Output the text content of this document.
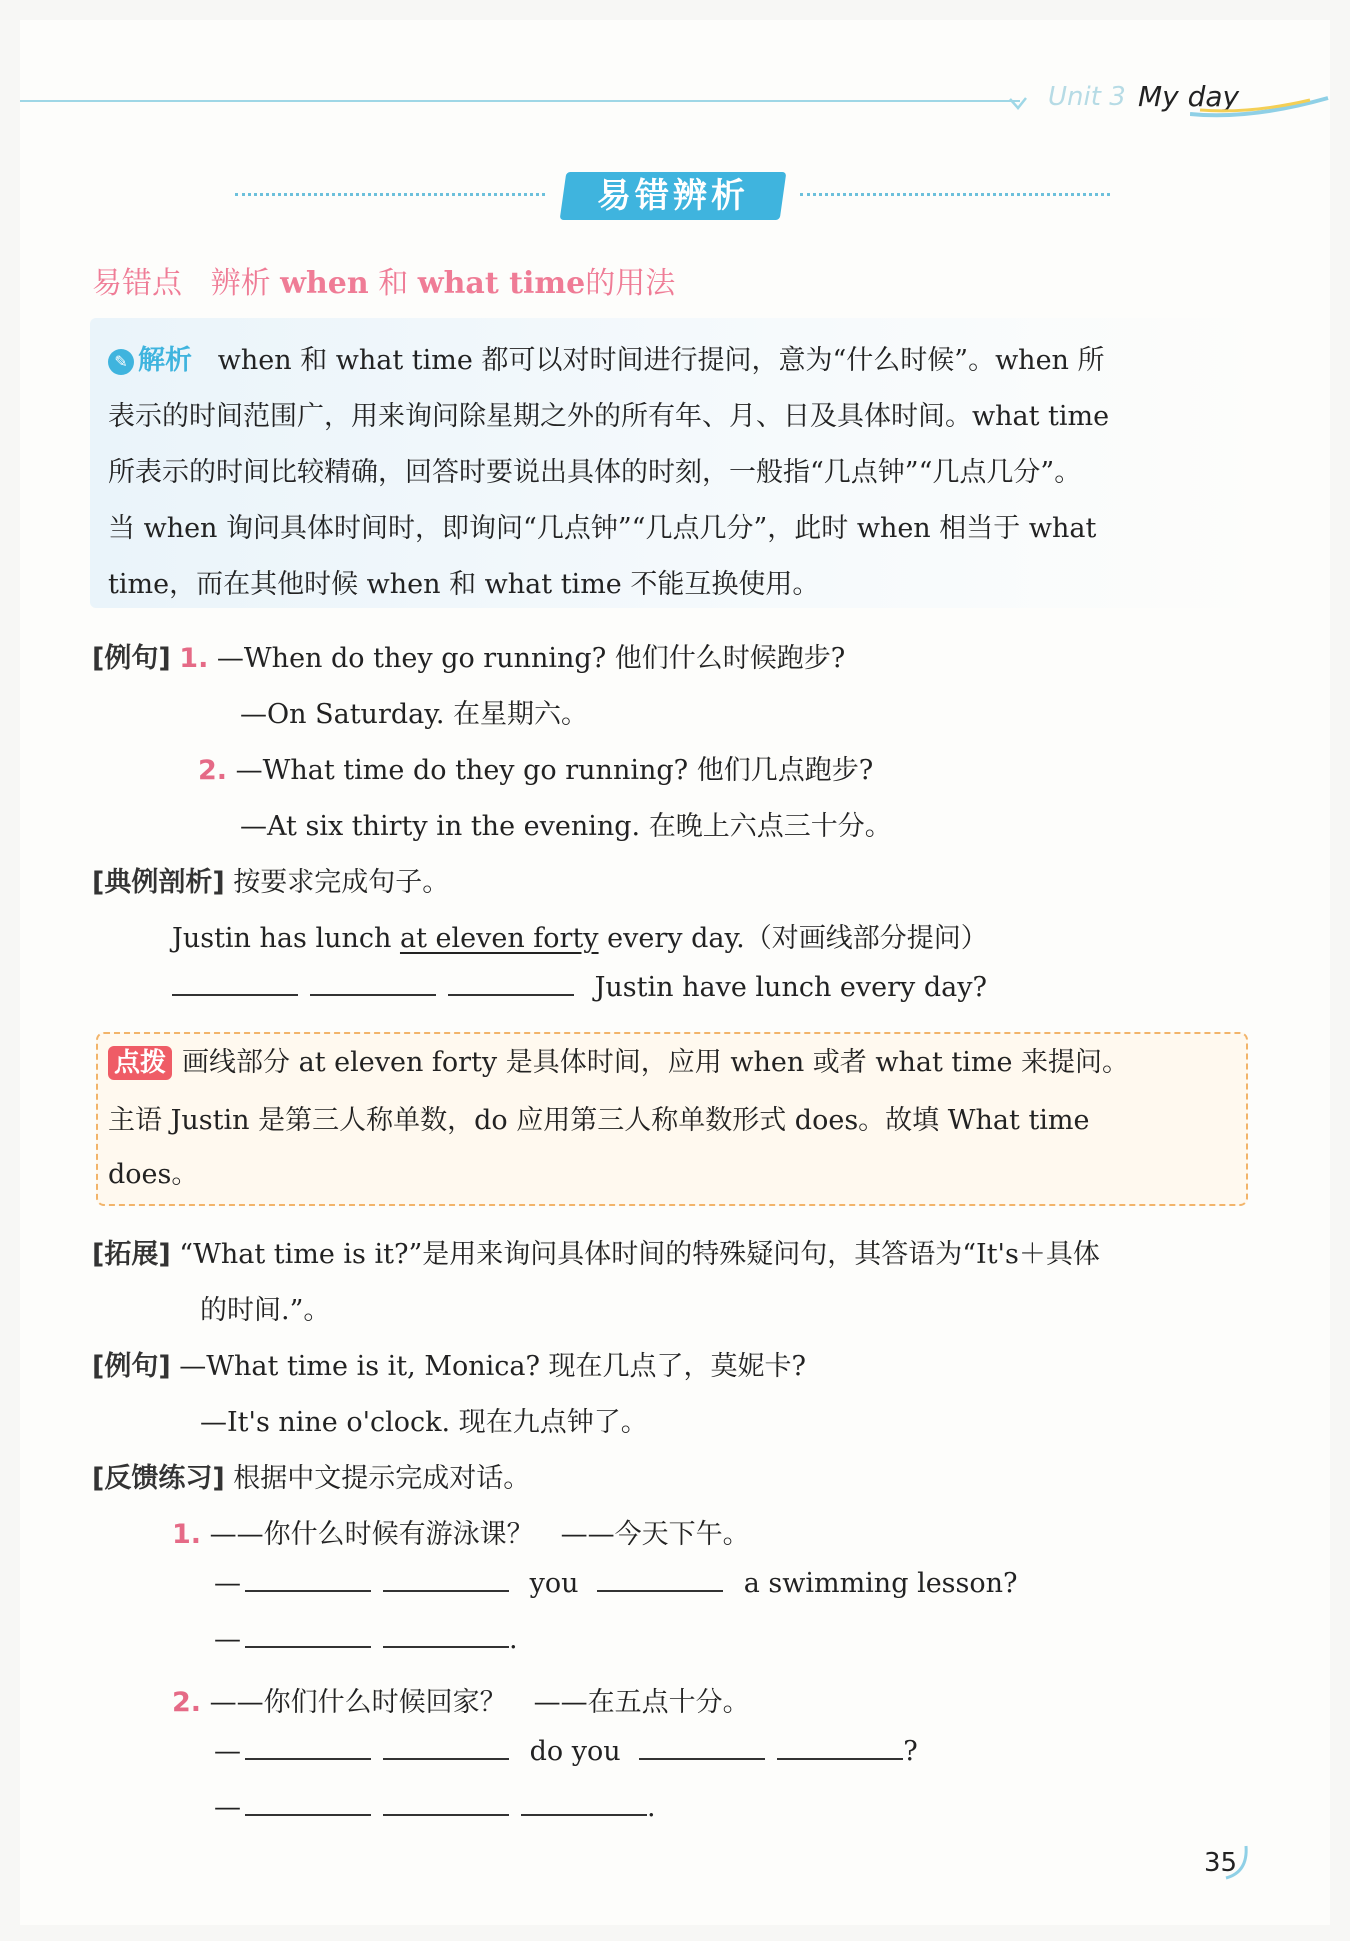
Unit 3 My day
易错辨析
易错点 辨析 when 和 what time的用法
✎ 解析 when 和 what time 都可以对时间进行提问，意为“什么时候”。when 所
表示的时间范围广，用来询问除星期之外的所有年、月、日及具体时间。what time
所表示的时间比较精确，回答时要说出具体的时刻，一般指“几点钟”“几点几分”。
当 when 询问具体时间时，即询问“几点钟”“几点几分”，此时 when 相当于 what
time，而在其他时候 when 和 what time 不能互换使用。
[例句] 1. —When do they go running? 他们什么时候跑步?
—On Saturday. 在星期六。
2. —What time do they go running? 他们几点跑步?
—At six thirty in the evening. 在晚上六点三十分。
[典例剖析] 按要求完成句子。
Justin has lunch at eleven forty every day.（对画线部分提问）
Justin have lunch every day?
点拨 画线部分 at eleven forty 是具体时间，应用 when 或者 what time 来提问。
主语 Justin 是第三人称单数，do 应用第三人称单数形式 does。故填 What time
does。
[拓展] “What time is it?”是用来询问具体时间的特殊疑问句，其答语为“It's＋具体
的时间.”。
[例句] —What time is it, Monica? 现在几点了，莫妮卡?
—It's nine o'clock. 现在九点钟了。
[反馈练习] 根据中文提示完成对话。
1. ——你什么时候有游泳课？　——今天下午。
—	you	a swimming lesson?
—	.
2. ——你们什么时候回家？　——在五点十分。
—	do you	?
—	.
35
